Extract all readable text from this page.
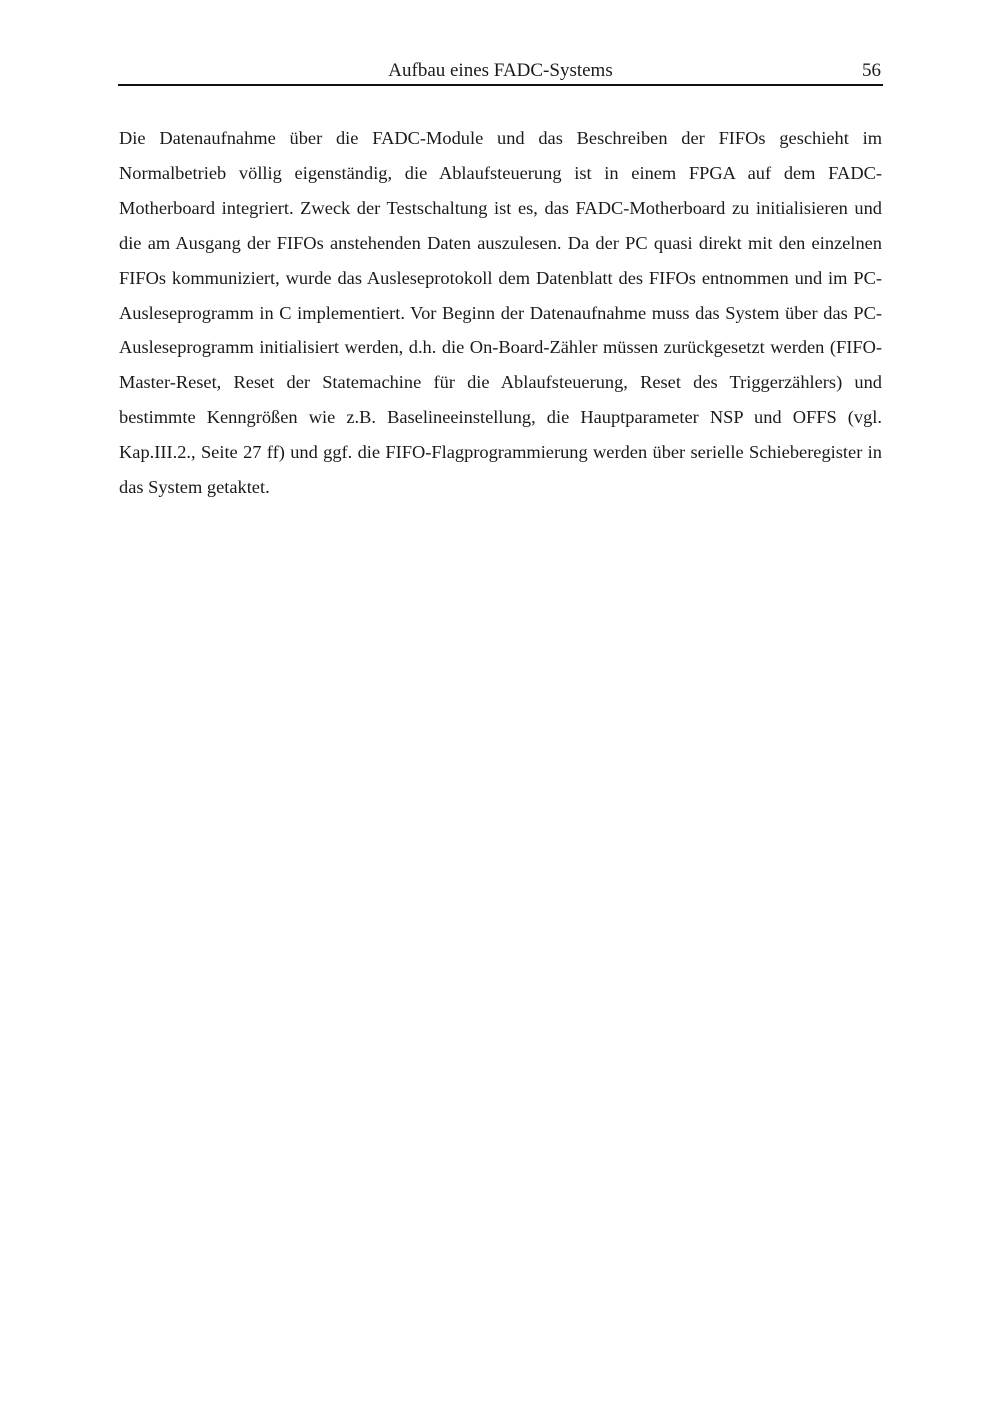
Aufbau eines FADC-Systems	56

Die Datenaufnahme über die FADC-Module und das Beschreiben der FIFOs geschieht im Normalbetrieb völlig eigenständig, die Ablaufsteuerung ist in einem FPGA auf dem FADC-Motherboard integriert. Zweck der Testschaltung ist es, das FADC-Motherboard zu initialisieren und die am Ausgang der FIFOs anstehenden Daten auszulesen. Da der PC quasi direkt mit den einzelnen FIFOs kommuniziert, wurde das Ausleseprotokoll dem Datenblatt des FIFOs entnommen und im PC-Ausleseprogramm in C implementiert. Vor Beginn der Datenaufnahme muss das System über das PC-Ausleseprogramm initialisiert werden, d.h. die On-Board-Zähler müssen zurückgesetzt werden (FIFO-Master-Reset, Reset der Statemachine für die Ablaufsteuerung, Reset des Triggerzählers) und bestimmte Kenngrößen wie z.B. Baselineeinstellung, die Hauptparameter NSP und OFFS (vgl. Kap.III.2., Seite 27 ff) und ggf. die FIFO-Flagprogrammierung werden über serielle Schieberegister in das System getaktet.
